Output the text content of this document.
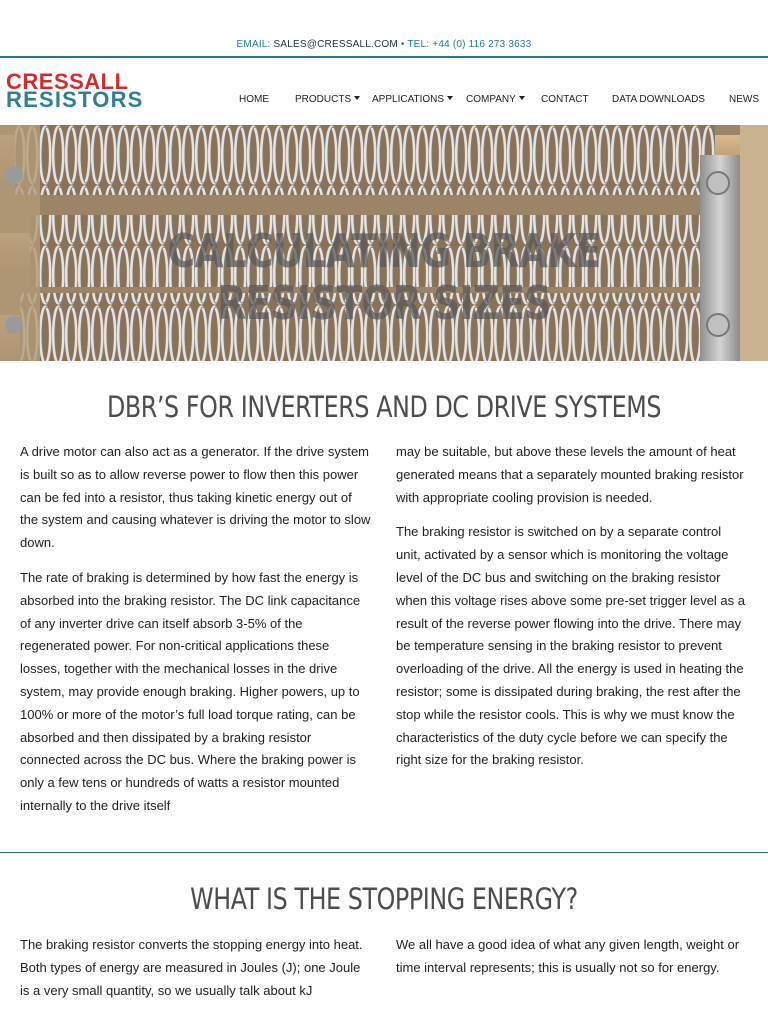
EMAIL: SALES@CRESSALL.COM • TEL: +44 (0) 116 273 3633
CRESSALL
RESISTORS	HOME	PRODUCTS	APPLICATIONS	COMPANY	CONTACT DATA DOWNLOADS NEWS
CALCULATING BRAKE RESISTOR SIZES
DBR’S FOR INVERTERS AND DC DRIVE SYSTEMS

A drive motor can also act as a generator. If the drive system is built so as to allow reverse power to flow then this power can be fed into a resistor, thus taking kinetic energy out of the system and causing whatever is driving the motor to slow down.

The rate of braking is determined by how fast the energy is absorbed into the braking resistor. The DC link capacitance of any inverter drive can itself absorb 3-5% of the regenerated power. For non-critical applications these losses, together with the mechanical losses in the drive system, may provide enough braking. Higher powers, up to 100% or more of the motor’s full load torque rating, can be absorbed and then dissipated by a braking resistor connected across the DC bus. Where the braking power is only a few tens or hundreds of watts a resistor mounted internally to the drive itself

may be suitable, but above these levels the amount of heat generated means that a separately mounted braking resistor with appropriate cooling provision is needed.

The braking resistor is switched on by a separate control unit, activated by a sensor which is monitoring the voltage level of the DC bus and switching on the braking resistor when this voltage rises above some pre-set trigger level as a result of the reverse power flowing into the drive. There may be temperature sensing in the braking resistor to prevent overloading of the drive. All the energy is used in heating the resistor; some is dissipated during braking, the rest after the stop while the resistor cools. This is why we must know the characteristics of the duty cycle before we can specify the right size for the braking resistor.

WHAT IS THE STOPPING ENERGY?

The braking resistor converts the stopping energy into heat. Both types of energy are measured in Joules (J); one Joule is a very small quantity, so we usually talk about kJ

We all have a good idea of what any given length, weight or time interval represents; this is usually not so for energy.
